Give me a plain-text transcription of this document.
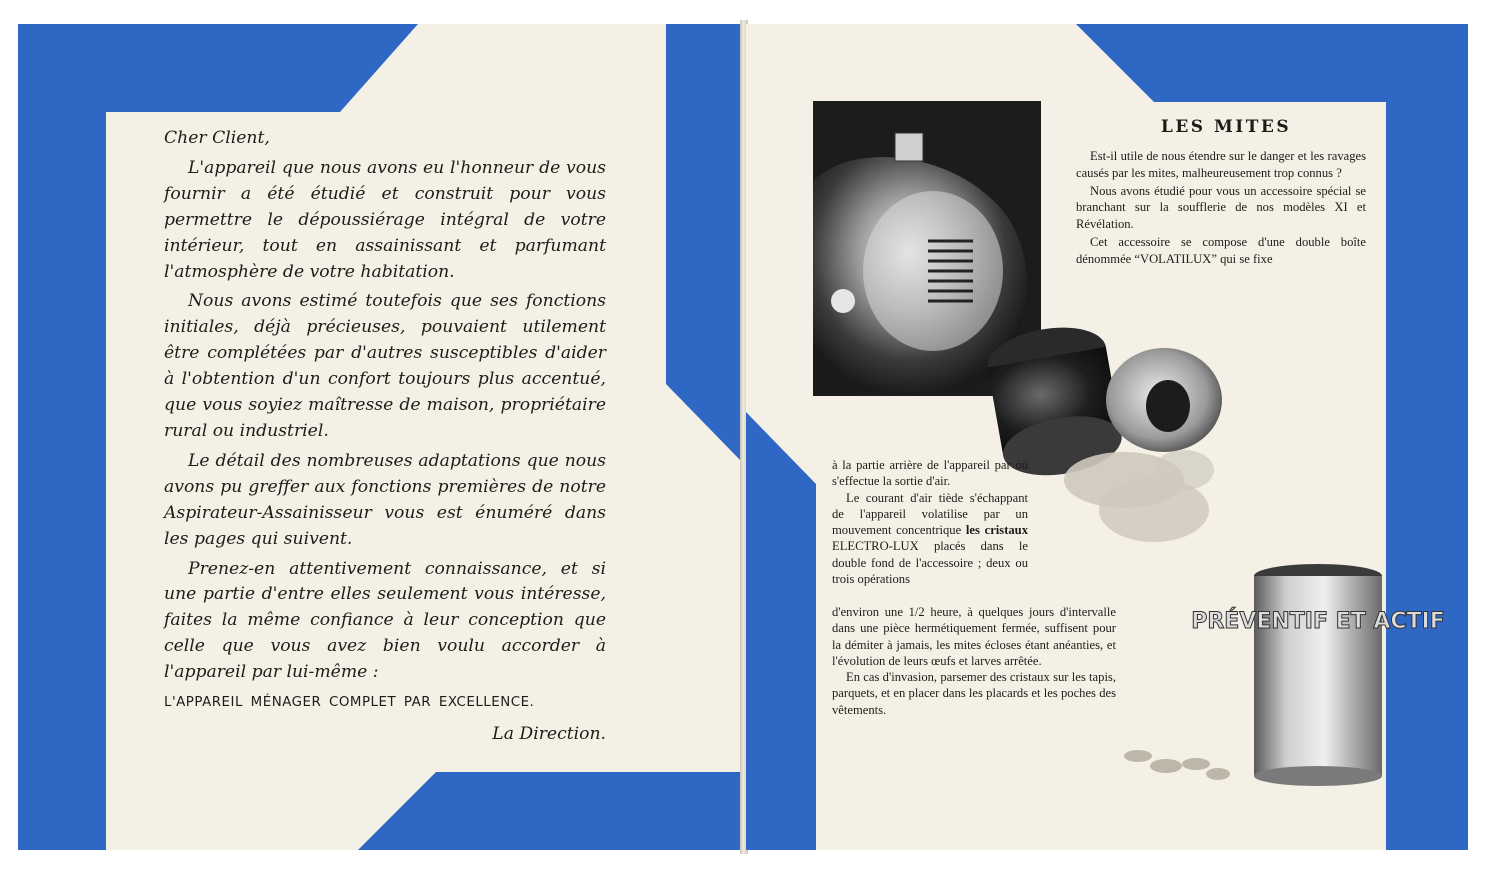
Cher Client,

L'appareil que nous avons eu l'honneur de vous fournir a été étudié et construit pour vous permettre le dépoussiérage intégral de votre intérieur, tout en assainissant et parfumant l'atmosphère de votre habitation.

Nous avons estimé toutefois que ses fonctions initiales, déjà précieuses, pouvaient utilement être complétées par d'autres susceptibles d'aider à l'obtention d'un confort toujours plus accentué, que vous soyiez maîtresse de maison, propriétaire rural ou industriel.

Le détail des nombreuses adaptations que nous avons pu greffer aux fonctions premières de notre Aspirateur-Assainisseur vous est énuméré dans les pages qui suivent.

Prenez-en attentivement connaissance, et si une partie d'entre elles seulement vous intéresse, faites la même confiance à leur conception que celle que vous avez bien voulu accorder à l'appareil par lui-même :

L'APPAREIL MÉNAGER COMPLET PAR EXCELLENCE.

La Direction.

LES MITES

Est-il utile de nous étendre sur le danger et les ravages causés par les mites, malheureusement trop connus ?

Nous avons étudié pour vous un accessoire spécial se branchant sur la soufflerie de nos modèles XI et Révélation.

Cet accessoire se compose d'une double boîte dénommée “VOLATILUX” qui se fixe

à la partie arrière de l'appareil par où s'effectue la sortie d'air.

Le courant d'air tiède s'échappant de l'appareil volatilise par un mouvement concentrique les cristaux ELECTRO-LUX placés dans le double fond de l'accessoire ; deux ou trois opérations

d'environ une 1/2 heure, à quelques jours d'intervalle dans une pièce hermétiquement fermée, suffisent pour la démiter à jamais, les mites écloses étant anéanties, et l'évolution de leurs œufs et larves arrêtée.

En cas d'invasion, parsemer des cristaux sur les tapis, parquets, et en placer dans les placards et les poches des vêtements.

PRÉVENTIF ET ACTIF
